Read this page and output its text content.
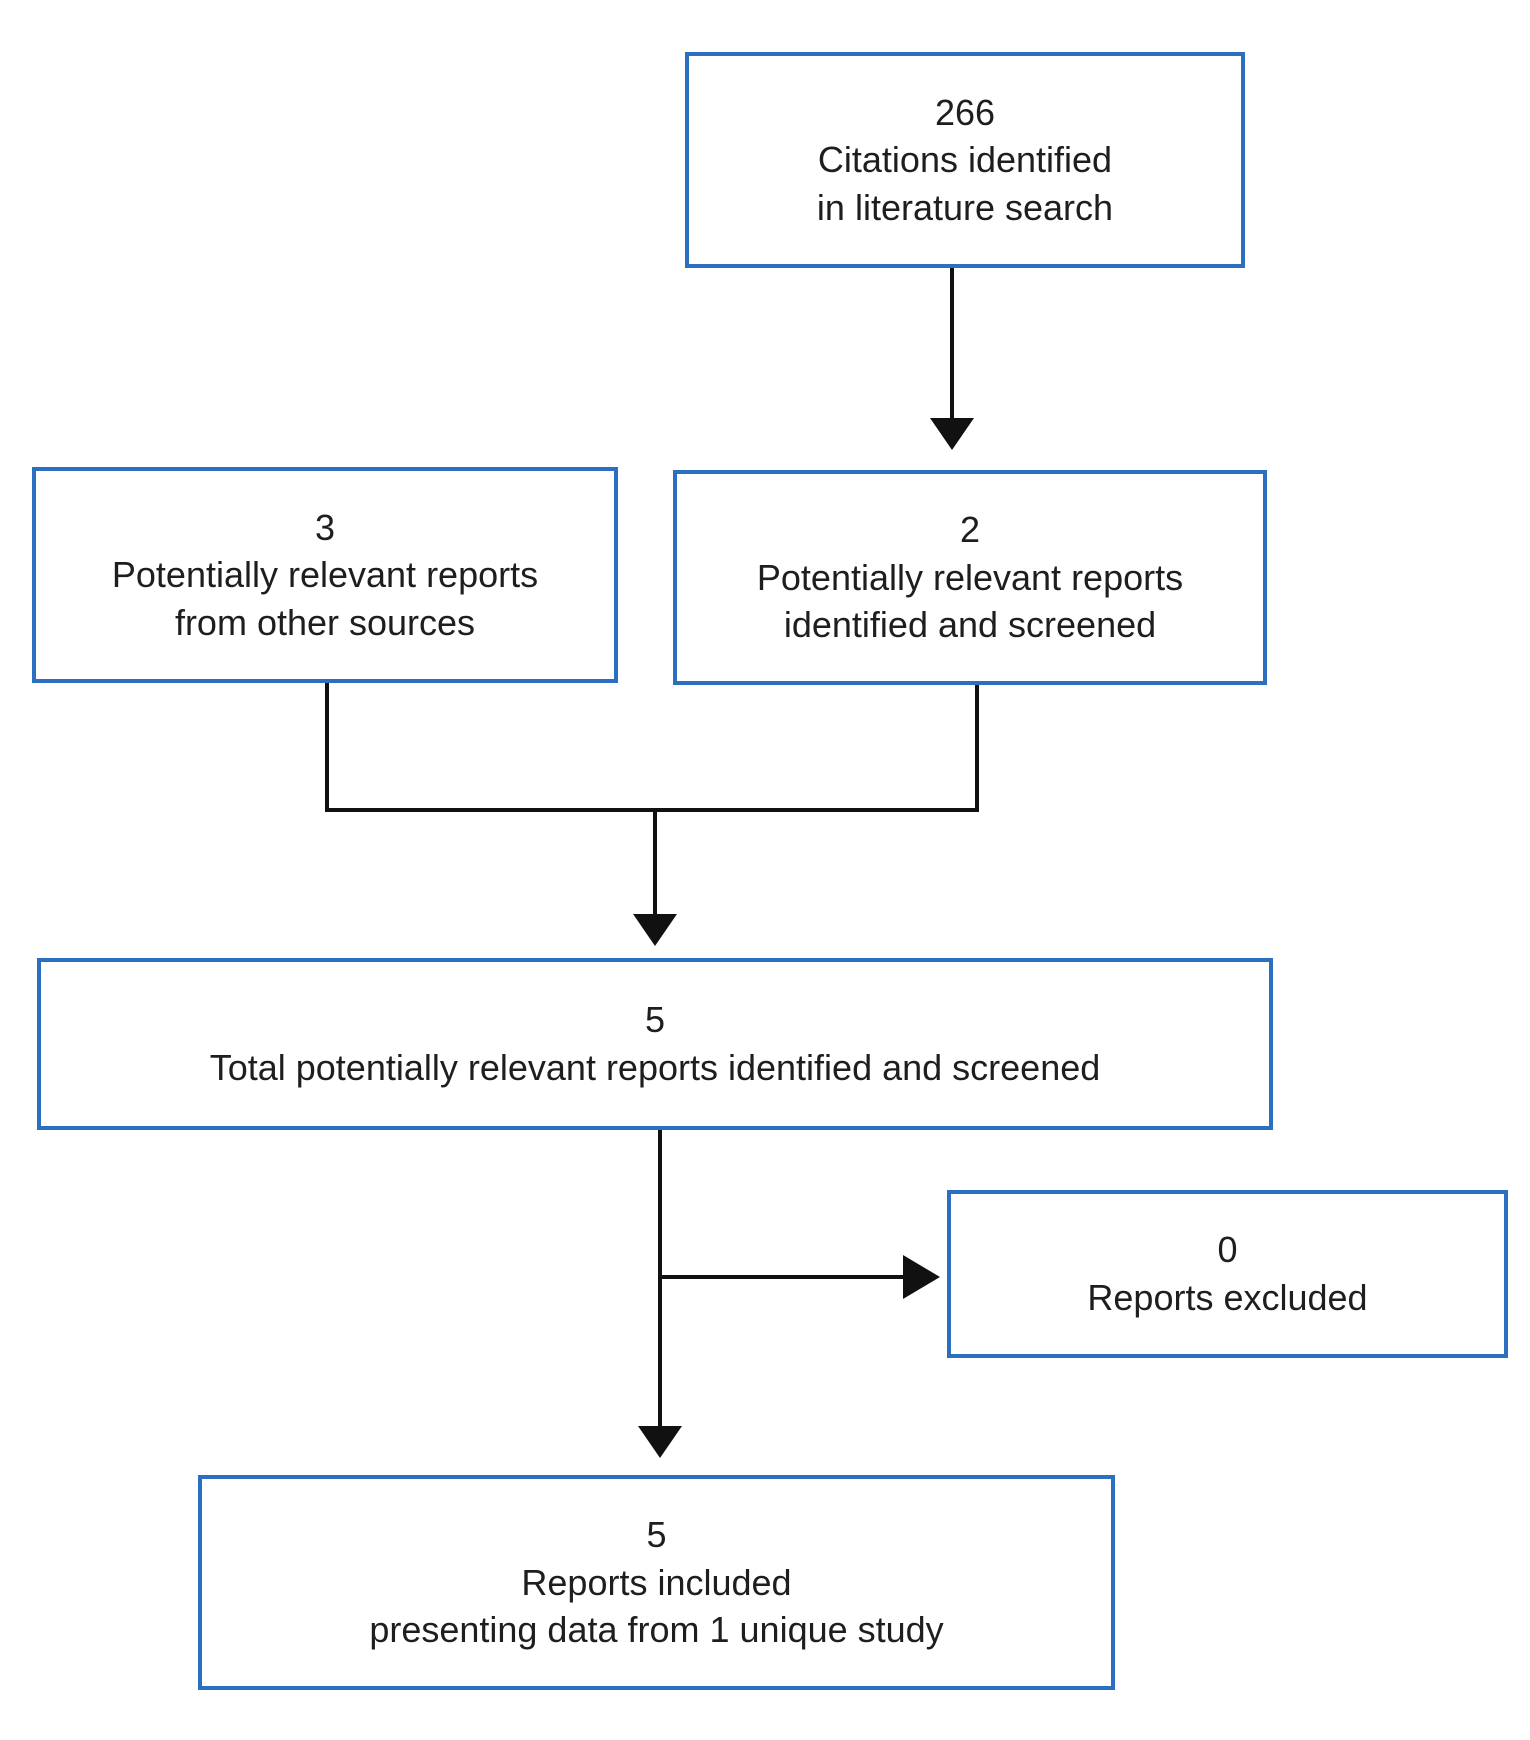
266
Citations identified
in literature search
3
Potentially relevant reports
from other sources
2
Potentially relevant reports
identified and screened
5
Total potentially relevant reports identified and screened
0
Reports excluded
5
Reports included
presenting data from 1 unique study
